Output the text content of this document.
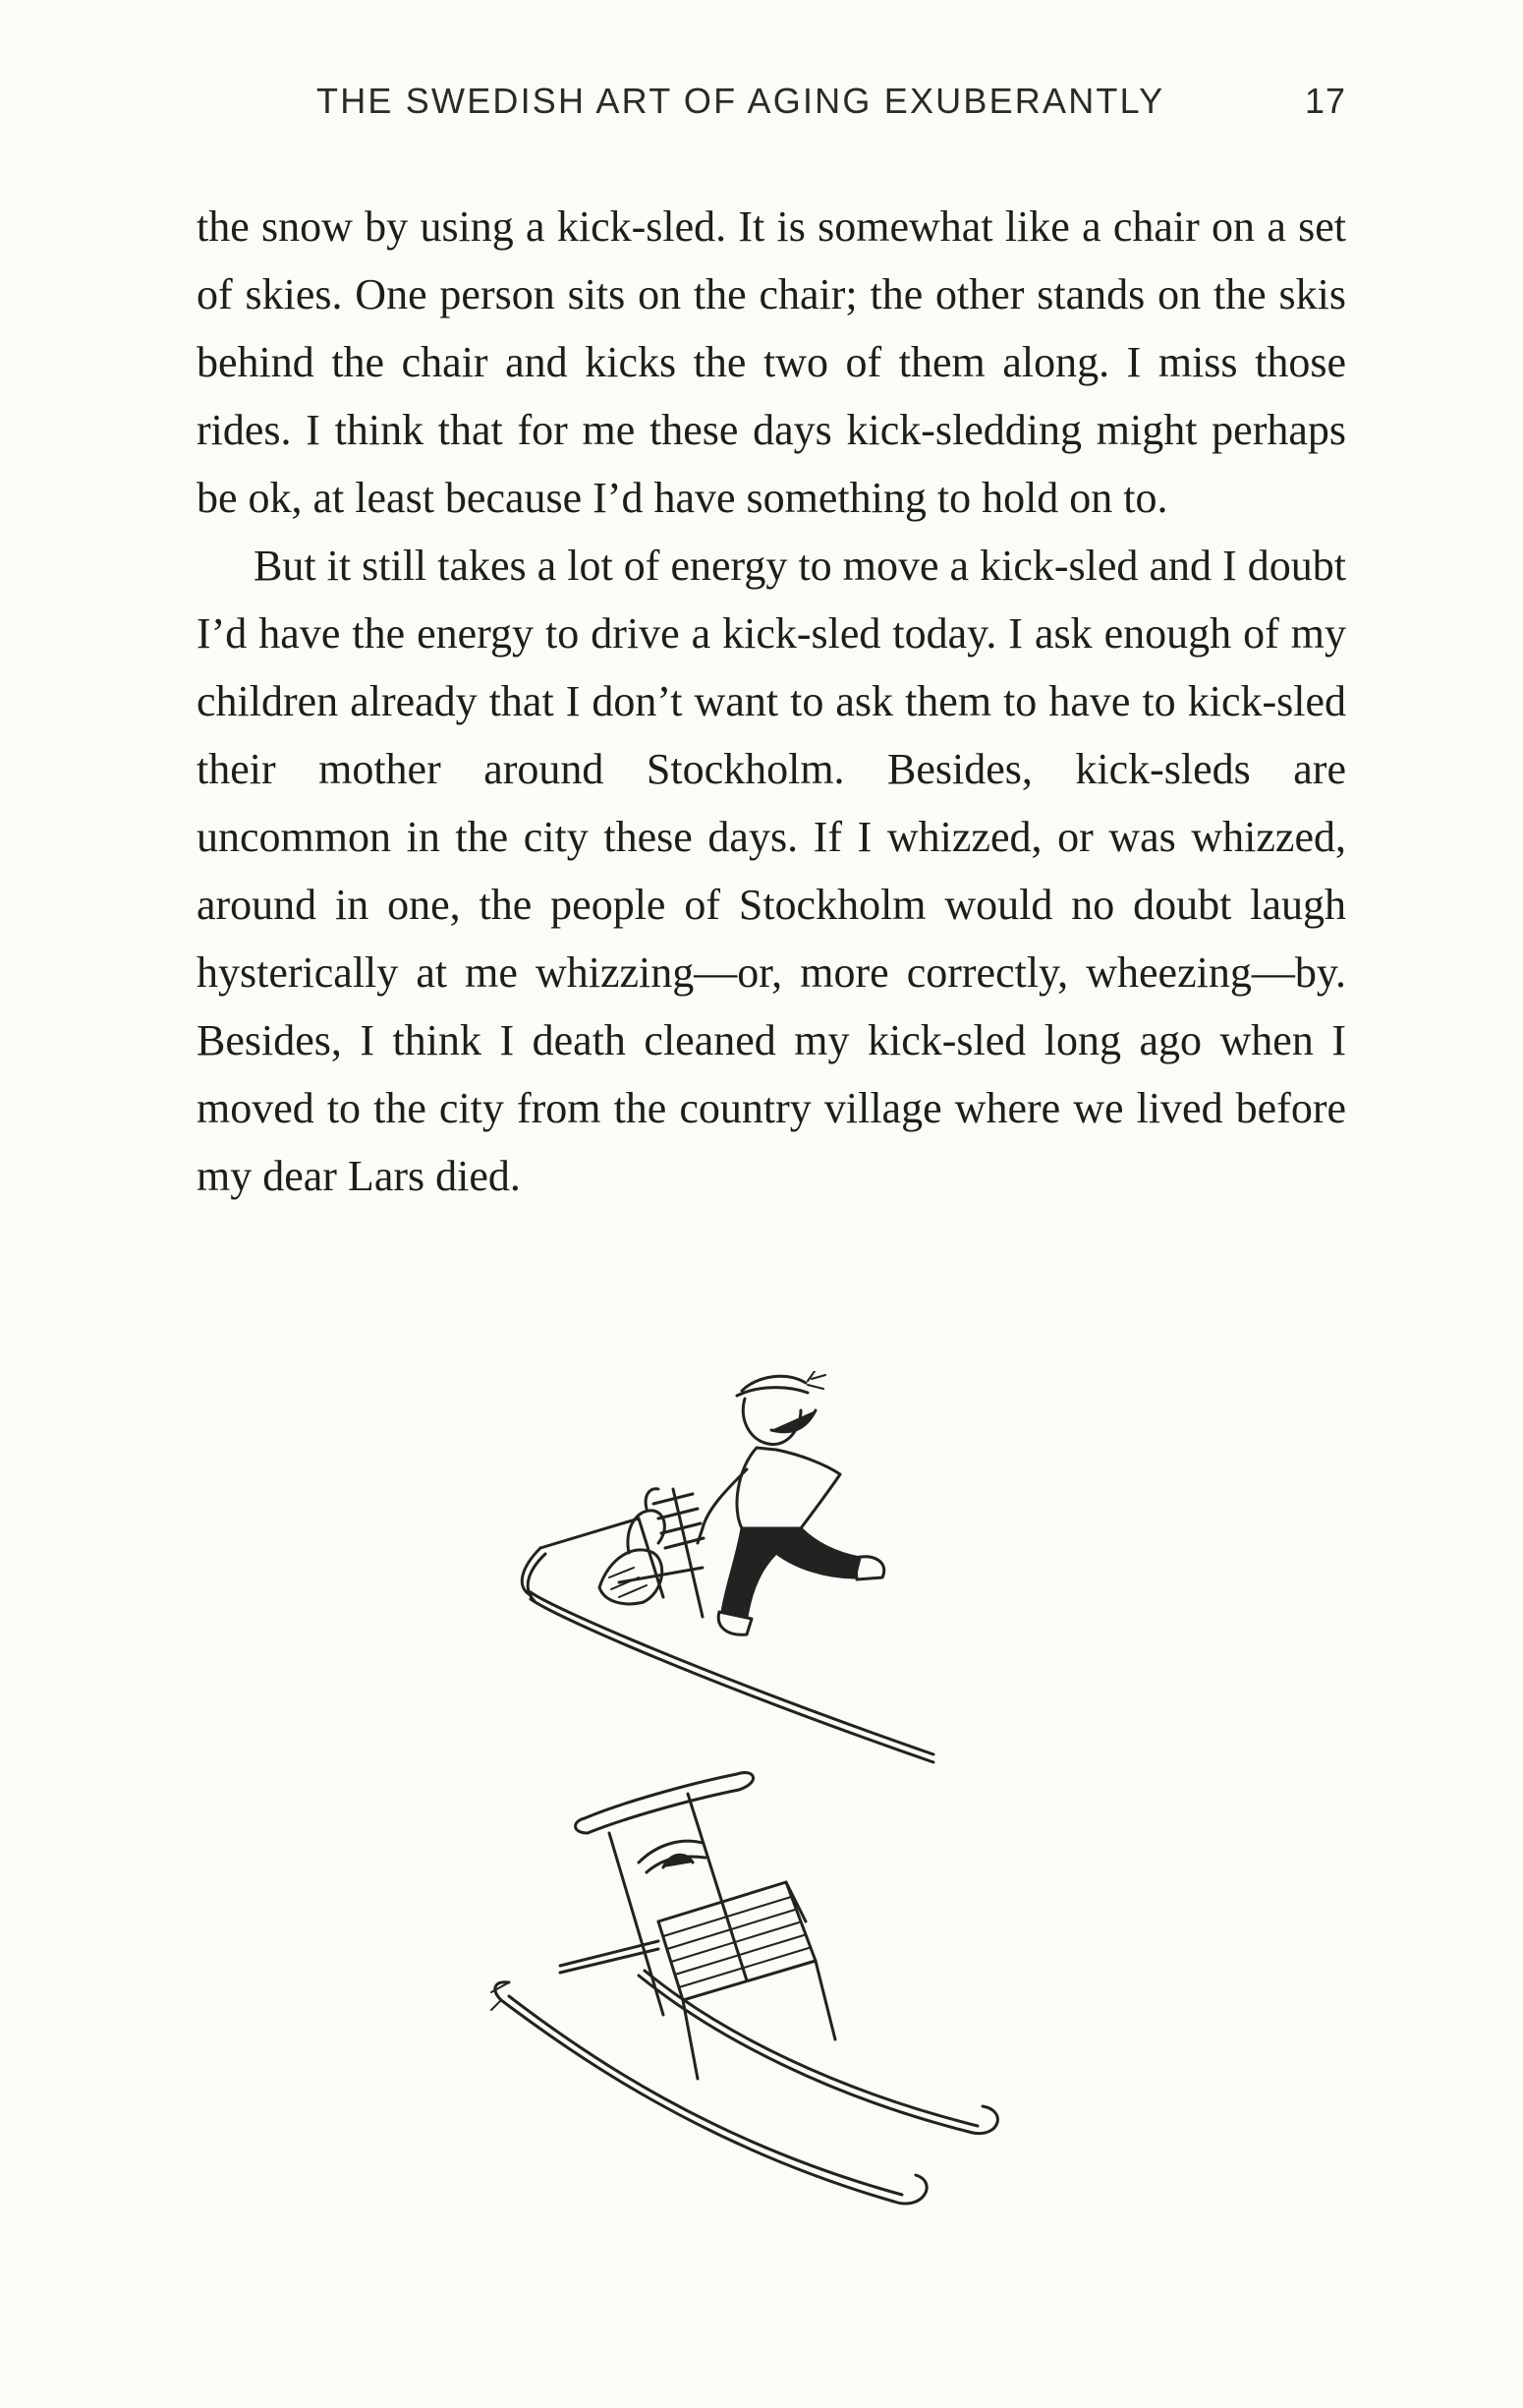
THE SWEDISH ART OF AGING EXUBERANTLY	17

the snow by using a kick-sled. It is somewhat like a chair on a set of skies. One person sits on the chair; the other stands on the skis behind the chair and kicks the two of them along. I miss those rides. I think that for me these days kick-sledding might perhaps be ok, at least because I’d have something to hold on to.

But it still takes a lot of energy to move a kick-sled and I doubt I’d have the energy to drive a kick-sled today. I ask enough of my children already that I don’t want to ask them to have to kick-sled their mother around Stockholm. Besides, kick-sleds are uncommon in the city these days. If I whizzed, or was whizzed, around in one, the people of Stockholm would no doubt laugh hysterically at me whizzing—or, more correctly, wheezing—by. Besides, I think I death cleaned my kick-sled long ago when I moved to the city from the country village where we lived before my dear Lars died.
